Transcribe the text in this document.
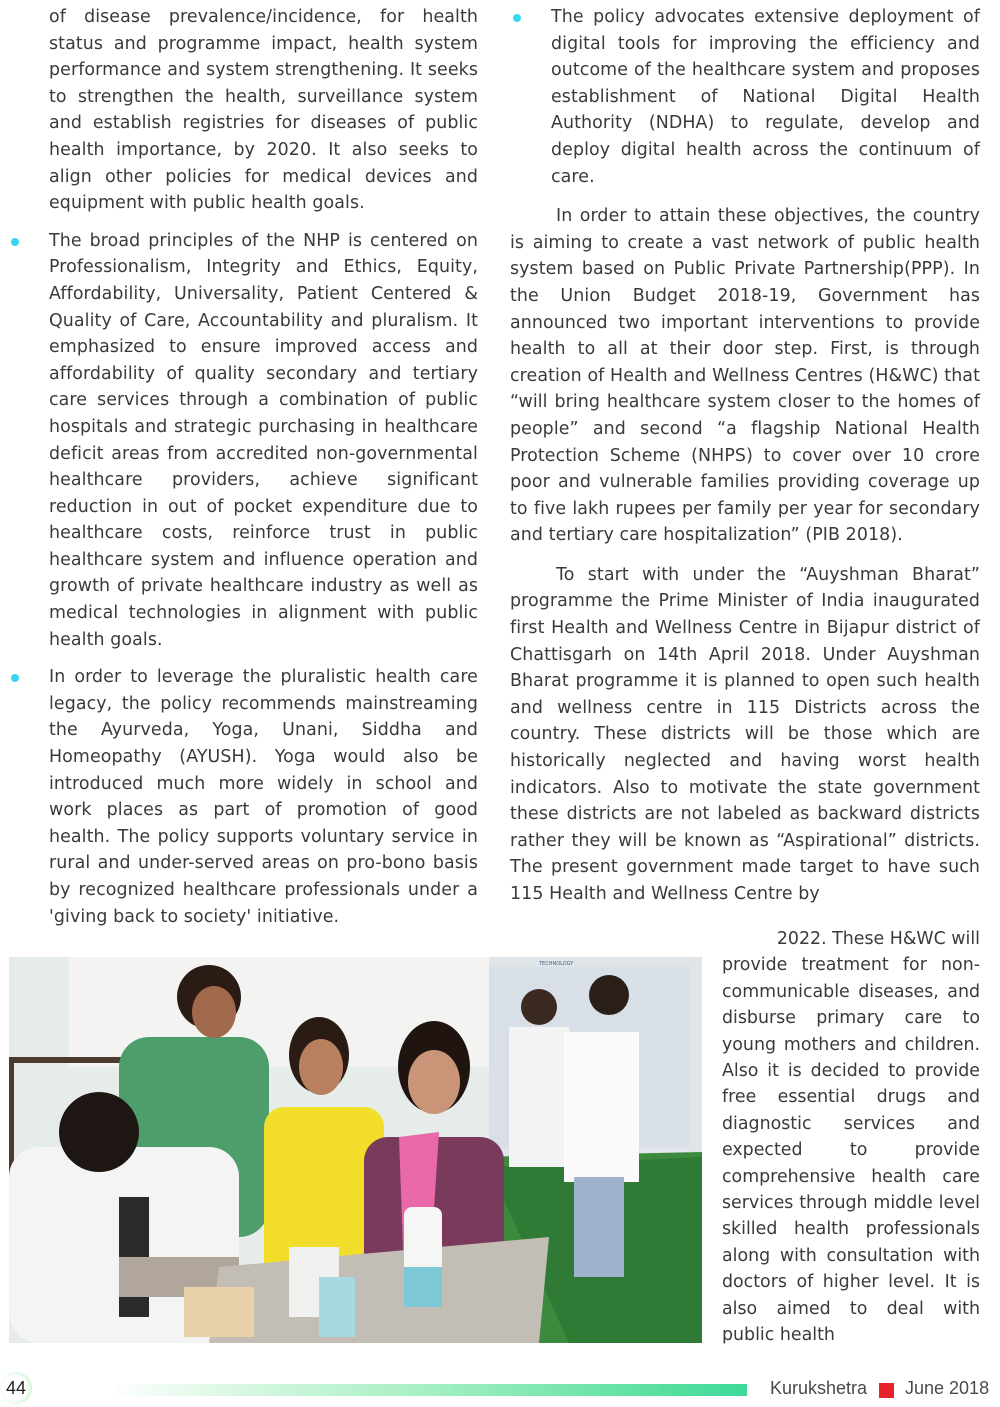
of disease prevalence/incidence, for health status and programme impact, health system performance and system strengthening. It seeks to strengthen the health, surveillance system and establish registries for diseases of public health importance, by 2020. It also seeks to align other policies for medical devices and equipment with public health goals.
The broad principles of the NHP is centered on Professionalism, Integrity and Ethics, Equity, Affordability, Universality, Patient Centered & Quality of Care, Accountability and pluralism. It emphasized to ensure improved access and affordability of quality secondary and tertiary care services through a combination of public hospitals and strategic purchasing in healthcare deficit areas from accredited non-governmental healthcare providers, achieve significant reduction in out of pocket expenditure due to healthcare costs, reinforce trust in public healthcare system and influence operation and growth of private healthcare industry as well as medical technologies in alignment with public health goals.
In order to leverage the pluralistic health care legacy, the policy recommends mainstreaming the Ayurveda, Yoga, Unani, Siddha and Homeopathy (AYUSH). Yoga would also be introduced much more widely in school and work places as part of promotion of good health. The policy supports voluntary service in rural and under-served areas on pro-bono basis by recognized healthcare professionals under a 'giving back to society' initiative.
The policy advocates extensive deployment of digital tools for improving the efficiency and outcome of the healthcare system and proposes establishment of National Digital Health Authority (NDHA) to regulate, develop and deploy digital health across the continuum of care.
In order to attain these objectives, the country is aiming to create a vast network of public health system based on Public Private Partnership(PPP). In the Union Budget 2018-19, Government has announced two important interventions to provide health to all at their door step. First, is through creation of Health and Wellness Centres (H&WC) that “will bring healthcare system closer to the homes of people” and second “a flagship National Health Protection Scheme (NHPS) to cover over 10 crore poor and vulnerable families providing coverage up to five lakh rupees per family per year for secondary and tertiary care hospitalization” (PIB 2018).
To start with under the “Auyshman Bharat” programme the Prime Minister of India inaugurated first Health and Wellness Centre in Bijapur district of Chattisgarh on 14th April 2018. Under Auyshman Bharat programme it is planned to open such health and wellness centre in 115 Districts across the country. These districts will be those which are historically neglected and having worst health indicators. Also to motivate the state government these districts are not labeled as backward districts rather they will be known as “Aspirational” districts. The present government made target to have such 115 Health and Wellness Centre by
2022. These H&WC will
provide treatment for non-communicable diseases, and disburse primary care to young mothers and children. Also it is decided to provide free essential drugs and diagnostic services and expected to provide comprehensive health care services through middle level skilled health professionals along with consultation with doctors of higher level. It is also aimed to deal with public health
TECHNOLOGY
44	Kurukshetra June 2018
